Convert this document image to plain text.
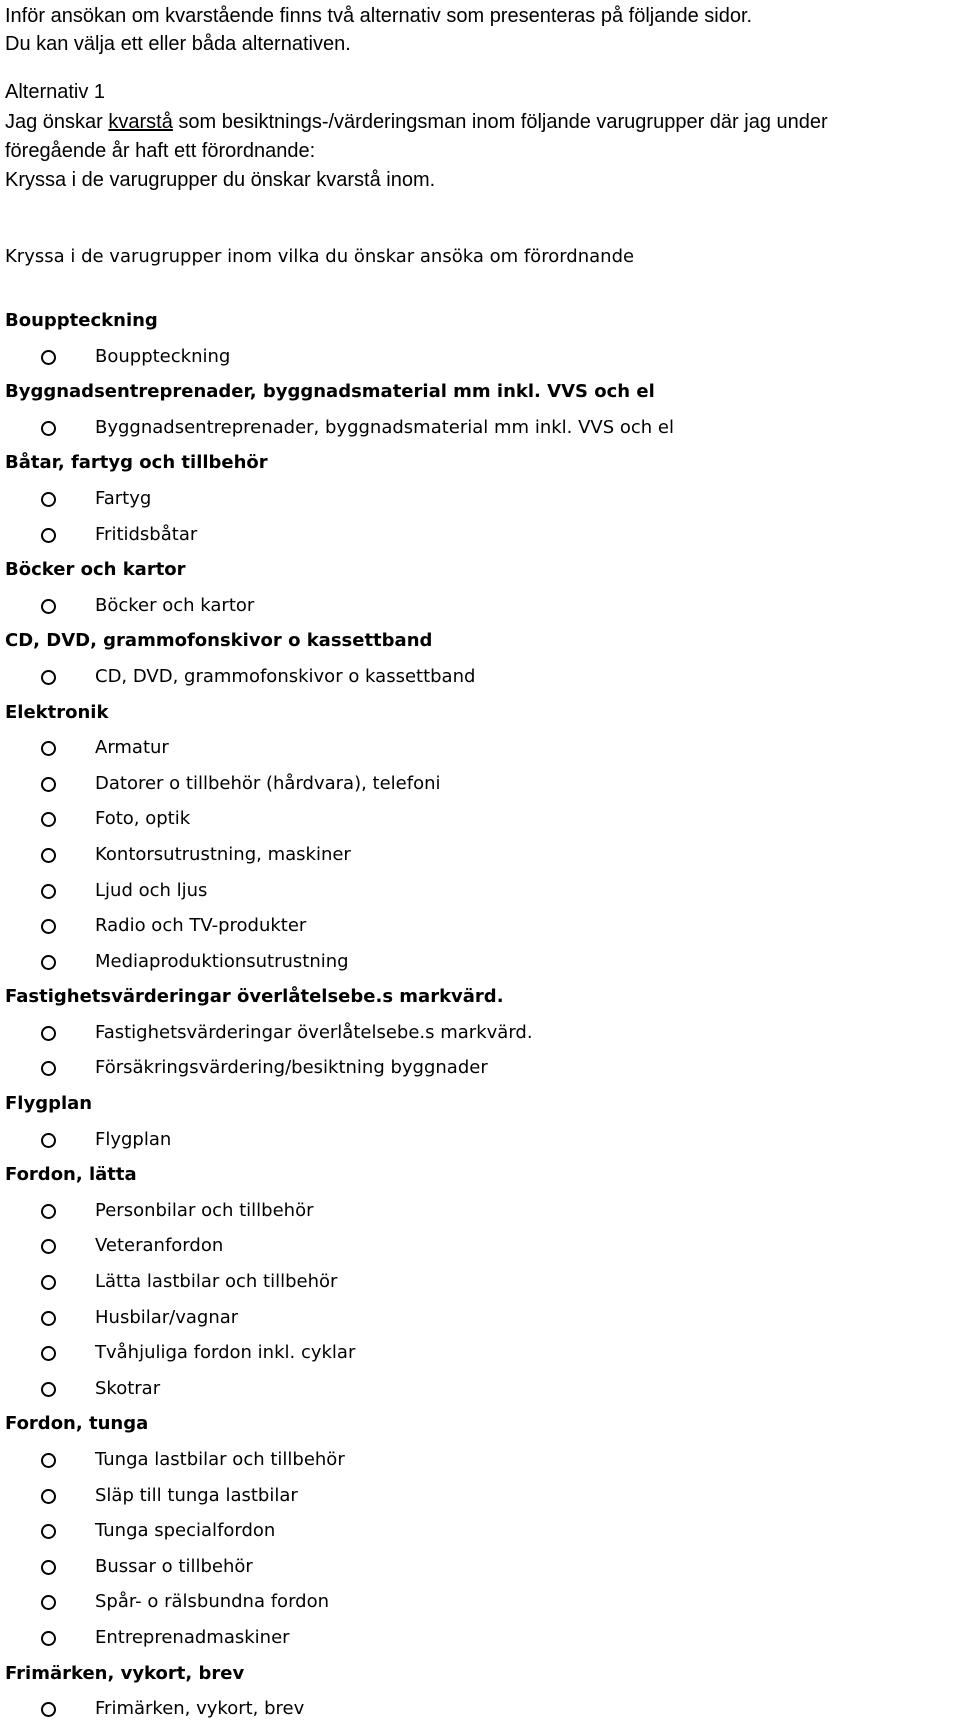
Inför ansökan om kvarstående finns två alternativ som presenteras på följande sidor.
Du kan välja ett eller båda alternativen.
Alternativ 1
Jag önskar kvarstå som besiktnings-/värderingsman inom följande varugrupper där jag under
föregående år haft ett förordnande:
Kryssa i de varugrupper du önskar kvarstå inom.
Kryssa i de varugrupper inom vilka du önskar ansöka om förordnande
Bouppteckning
Bouppteckning
Byggnadsentreprenader, byggnadsmaterial mm inkl. VVS och el
Byggnadsentreprenader, byggnadsmaterial mm inkl. VVS och el
Båtar, fartyg och tillbehör
Fartyg
Fritidsbåtar
Böcker och kartor
Böcker och kartor
CD, DVD, grammofonskivor o kassettband
CD, DVD, grammofonskivor o kassettband
Elektronik
Armatur
Datorer o tillbehör (hårdvara), telefoni
Foto, optik
Kontorsutrustning, maskiner
Ljud och ljus
Radio och TV-produkter
Mediaproduktionsutrustning
Fastighetsvärderingar överlåtelsebe.s markvärd.
Fastighetsvärderingar överlåtelsebe.s markvärd.
Försäkringsvärdering/besiktning byggnader
Flygplan
Flygplan
Fordon, lätta
Personbilar och tillbehör
Veteranfordon
Lätta lastbilar och tillbehör
Husbilar/vagnar
Tvåhjuliga fordon inkl. cyklar
Skotrar
Fordon, tunga
Tunga lastbilar och tillbehör
Släp till tunga lastbilar
Tunga specialfordon
Bussar o tillbehör
Spår- o rälsbundna fordon
Entreprenadmaskiner
Frimärken, vykort, brev
Frimärken, vykort, brev
